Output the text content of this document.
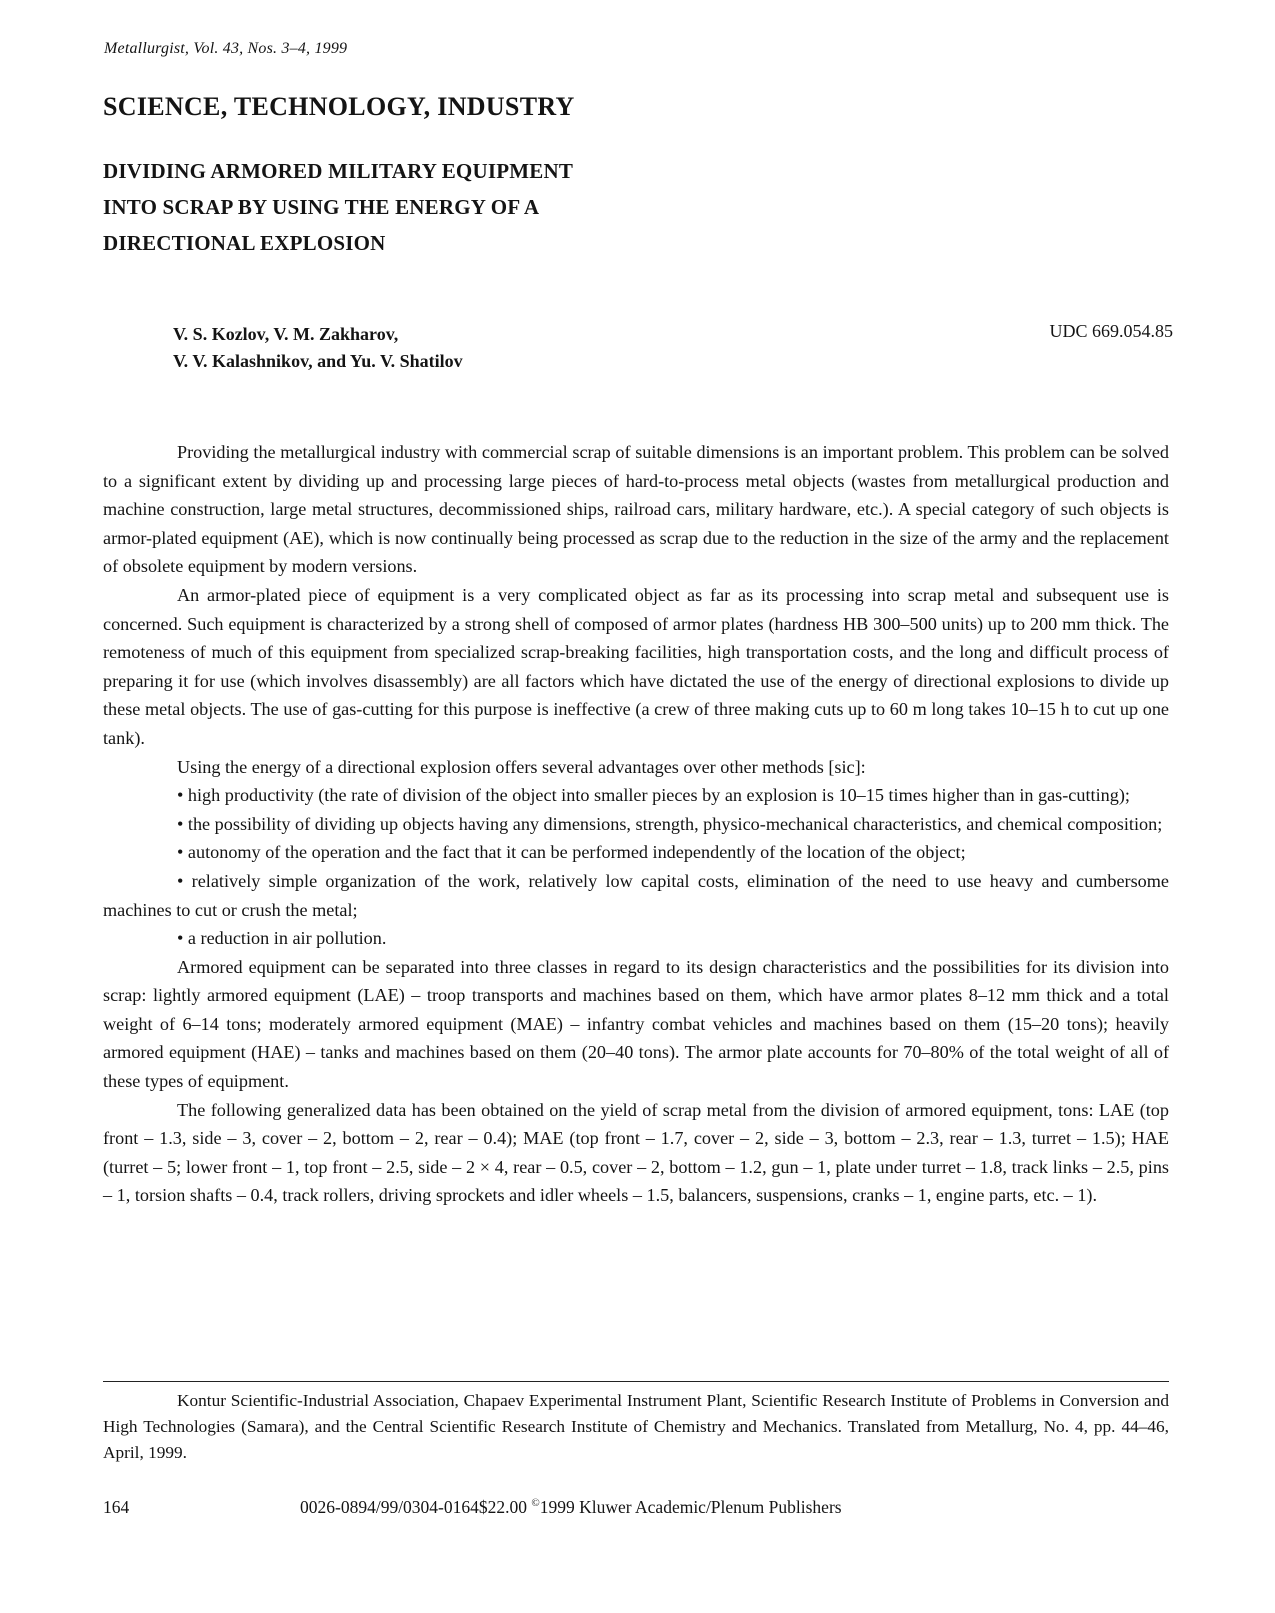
Metallurgist, Vol. 43, Nos. 3–4, 1999
SCIENCE, TECHNOLOGY, INDUSTRY
DIVIDING ARMORED MILITARY EQUIPMENT
INTO SCRAP BY USING THE ENERGY OF A
DIRECTIONAL EXPLOSION
V. S. Kozlov, V. M. Zakharov,
V. V. Kalashnikov, and Yu. V. Shatilov
UDC 669.054.85

Providing the metallurgical industry with commercial scrap of suitable dimensions is an important problem. This problem can be solved to a significant extent by dividing up and processing large pieces of hard-to-process metal objects (wastes from metallurgical production and machine construction, large metal structures, decommissioned ships, railroad cars, military hardware, etc.). A special category of such objects is armor-plated equipment (AE), which is now continually being processed as scrap due to the reduction in the size of the army and the replacement of obsolete equipment by modern versions.

An armor-plated piece of equipment is a very complicated object as far as its processing into scrap metal and subsequent use is concerned. Such equipment is characterized by a strong shell of composed of armor plates (hardness HB 300–500 units) up to 200 mm thick. The remoteness of much of this equipment from specialized scrap-breaking facilities, high transportation costs, and the long and difficult process of preparing it for use (which involves disassembly) are all factors which have dictated the use of the energy of directional explosions to divide up these metal objects. The use of gas-cutting for this purpose is ineffective (a crew of three making cuts up to 60 m long takes 10–15 h to cut up one tank).

Using the energy of a directional explosion offers several advantages over other methods [sic]:

• high productivity (the rate of division of the object into smaller pieces by an explosion is 10–15 times higher than in gas-cutting);

• the possibility of dividing up objects having any dimensions, strength, physico-mechanical characteristics, and chemical composition;

• autonomy of the operation and the fact that it can be performed independently of the location of the object;

• relatively simple organization of the work, relatively low capital costs, elimination of the need to use heavy and cumbersome machines to cut or crush the metal;

• a reduction in air pollution.

Armored equipment can be separated into three classes in regard to its design characteristics and the possibilities for its division into scrap: lightly armored equipment (LAE) – troop transports and machines based on them, which have armor plates 8–12 mm thick and a total weight of 6–14 tons; moderately armored equipment (MAE) – infantry combat vehicles and machines based on them (15–20 tons); heavily armored equipment (HAE) – tanks and machines based on them (20–40 tons). The armor plate accounts for 70–80% of the total weight of all of these types of equipment.

The following generalized data has been obtained on the yield of scrap metal from the division of armored equipment, tons: LAE (top front – 1.3, side – 3, cover – 2, bottom – 2, rear – 0.4); MAE (top front – 1.7, cover – 2, side – 3, bottom – 2.3, rear – 1.3, turret – 1.5); HAE (turret – 5; lower front – 1, top front – 2.5, side – 2 × 4, rear – 0.5, cover – 2, bottom – 1.2, gun – 1, plate under turret – 1.8, track links – 2.5, pins – 1, torsion shafts – 0.4, track rollers, driving sprockets and idler wheels – 1.5, balancers, suspensions, cranks – 1, engine parts, etc. – 1).

Kontur Scientific-Industrial Association, Chapaev Experimental Instrument Plant, Scientific Research Institute of Problems in Conversion and High Technologies (Samara), and the Central Scientific Research Institute of Chemistry and Mechanics. Translated from Metallurg, No. 4, pp. 44–46, April, 1999.

164	0026-0894/99/0304-0164$22.00 ©1999 Kluwer Academic/Plenum Publishers
